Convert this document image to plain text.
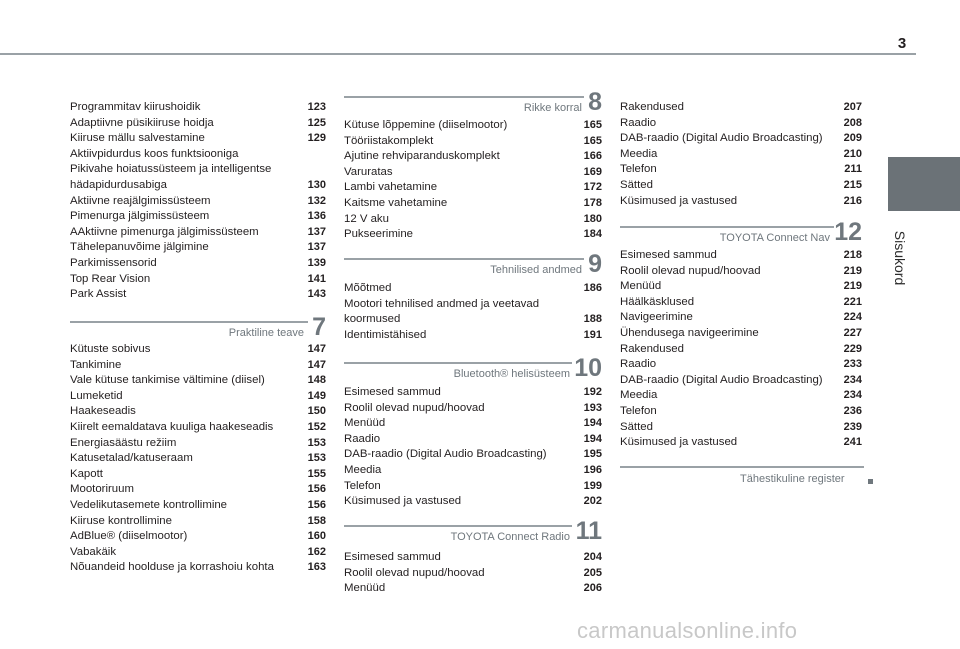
3
Sisukord
Programmitav kiirushoidik	123
Adaptiivne püsikiiruse hoidja	125
Kiiruse mällu salvestamine	129
Aktiivpidurdus koos funktsiooniga
Pikivahe hoiatussüsteem ja intelligentse
hädapidurdusabiga	130
Aktiivne reajälgimissüsteem	132
Pimenurga jälgimissüsteem	136
AAktiivne pimenurga jälgimissüsteem	137
Tähelepanuvõime jälgimine	137
Parkimissensorid	139
Top Rear Vision	141
Park Assist	143
Praktiline teave 7
Kütuste sobivus	147
Tankimine	147
Vale kütuse tankimise vältimine (diisel)	148
Lumeketid	149
Haakeseadis	150
Kiirelt eemaldatava kuuliga haakeseadis	152
Energiasäästu režiim	153
Katusetalad/katuseraam	153
Kapott	155
Mootoriruum	156
Vedelikutasemete kontrollimine	156
Kiiruse kontrollimine	158
AdBlue® (diiselmootor)	160
Vabakäik	162
Nõuandeid hoolduse ja korrashoiu kohta	163
Rikke korral 8
Kütuse lõppemine (diiselmootor)	165
Tööriistakomplekt	165
Ajutine rehviparanduskomplekt	166
Varuratas	169
Lambi vahetamine	172
Kaitsme vahetamine	178
12 V aku	180
Pukseerimine	184
Tehnilised andmed 9
Mõõtmed	186
Mootori tehnilised andmed ja veetavad
koormused	188
Identimistähised	191
Bluetooth® helisüsteem 10
Esimesed sammud	192
Roolil olevad nupud/hoovad	193
Menüüd	194
Raadio	194
DAB-raadio (Digital Audio Broadcasting)	195
Meedia	196
Telefon	199
Küsimused ja vastused	202
TOYOTA Connect Radio 11
Esimesed sammud	204
Roolil olevad nupud/hoovad	205
Menüüd	206
Rakendused	207
Raadio	208
DAB-raadio (Digital Audio Broadcasting) 209
Meedia	210
Telefon	211
Sätted	215
Küsimused ja vastused	216
TOYOTA Connect Nav 12
Esimesed sammud	218
Roolil olevad nupud/hoovad	219
Menüüd	219
Häälkäsklused	221
Navigeerimine	224
Ühendusega navigeerimine	227
Rakendused	229
Raadio	233
DAB-raadio (Digital Audio Broadcasting) 234
Meedia	234
Telefon	236
Sätted	239
Küsimused ja vastused	241
Tähestikuline register
carmanualsonline.info
